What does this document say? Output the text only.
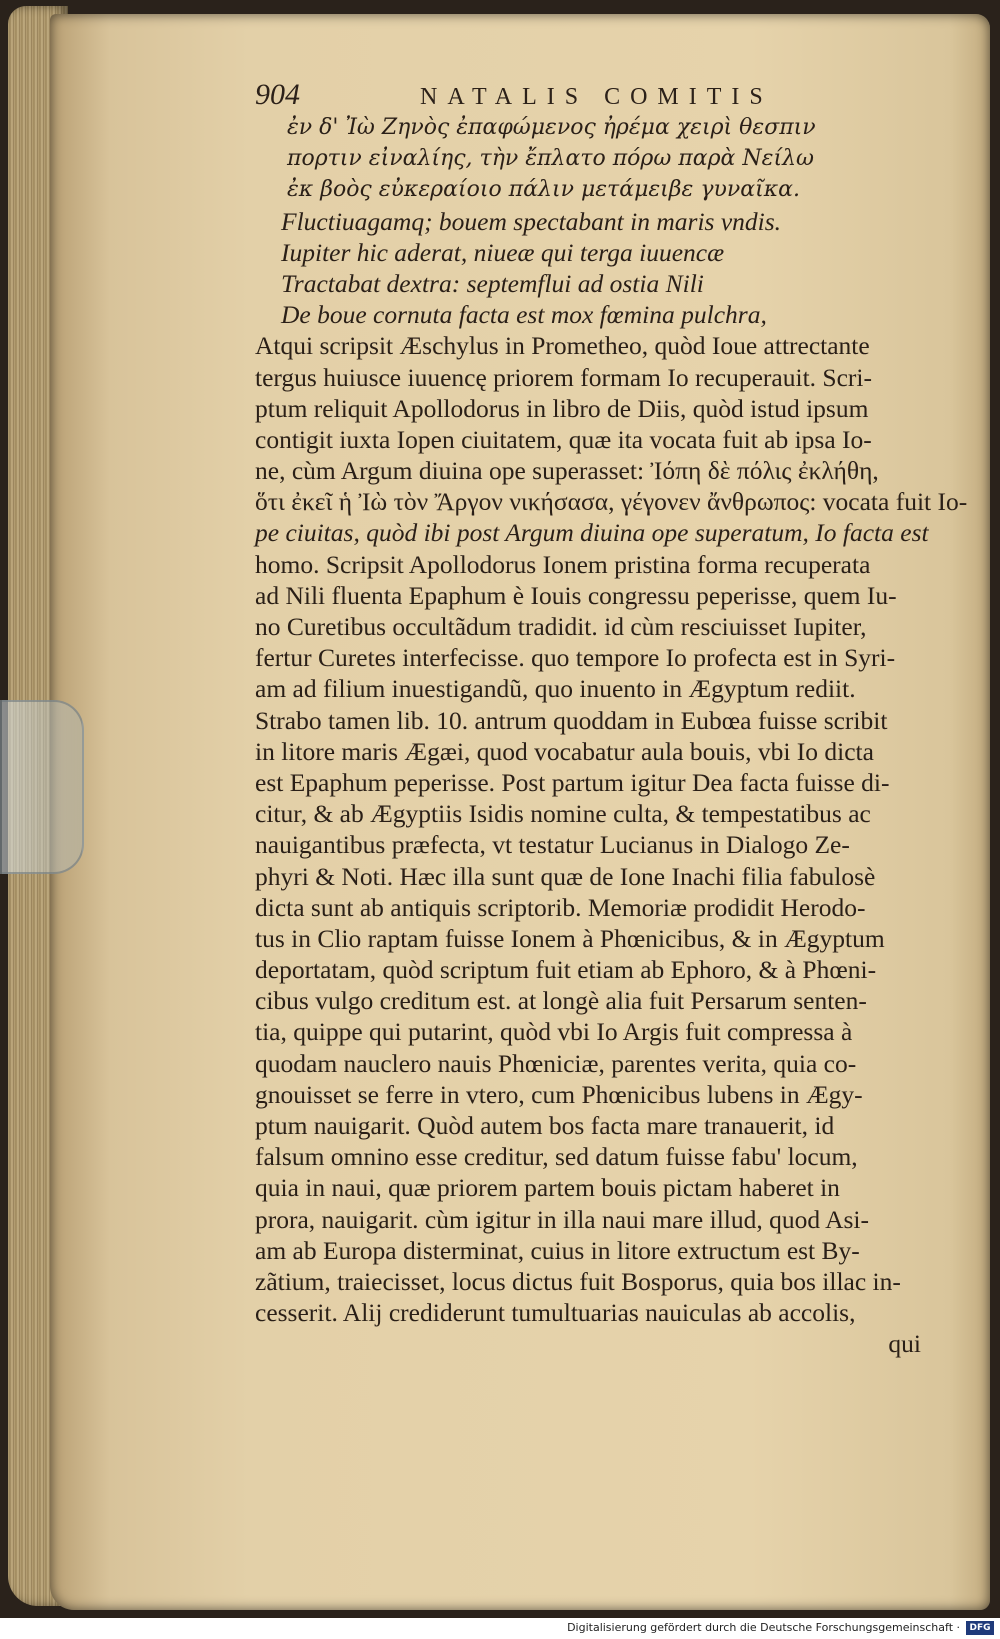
904	NATALIS COMITIS
ἐν δ' Ἰὼ Ζηνὸς ἐπαφώμενος ἠρέμα χειρὶ θεσπιν
πορτιν εἰναλίης, τὴν ἔπλατο πόρω παρὰ Νείλω
ἐκ βοὸς εὐκεραίοιο πάλιν μετάμειβε γυναῖκα.
Fluctiuagamq; bouem spectabant in maris vndis.
Iupiter hic aderat, niueæ qui terga iuuencæ
Tractabat dextra: septemflui ad ostia Nili
De boue cornuta facta est mox fœmina pulchra,
Atqui scripsit Æschylus in Prometheo, quòd Ioue attrectante
tergus huiusce iuuencę priorem formam Io recuperauit. Scri-
ptum reliquit Apollodorus in libro de Diis, quòd istud ipsum
contigit iuxta Iopen ciuitatem, quæ ita vocata fuit ab ipsa Io-
ne, cùm Argum diuina ope superasset: Ἰόπη δὲ πόλις ἐκλήθη,
ὅτι ἐκεῖ ἡ Ἰὼ τὸν Ἄργον νικήσασα, γέγονεν ἄνθρωπος: vocata fuit Io-
pe ciuitas, quòd ibi post Argum diuina ope superatum, Io facta est
homo. Scripsit Apollodorus Ionem pristina forma recuperata
ad Nili fluenta Epaphum è Iouis congressu peperisse, quem Iu-
no Curetibus occultãdum tradidit. id cùm resciuisset Iupiter,
fertur Curetes interfecisse. quo tempore Io profecta est in Syri-
am ad filium inuestigandũ, quo inuento in Ægyptum rediit.
Strabo tamen lib. 10. antrum quoddam in Eubœa fuisse scribit
in litore maris Ægæi, quod vocabatur aula bouis, vbi Io dicta
est Epaphum peperisse. Post partum igitur Dea facta fuisse di-
citur, & ab Ægyptiis Isidis nomine culta, & tempestatibus ac
nauigantibus præfecta, vt testatur Lucianus in Dialogo Ze-
phyri & Noti. Hæc illa sunt quæ de Ione Inachi filia fabulosè
dicta sunt ab antiquis scriptorib. Memoriæ prodidit Herodo-
tus in Clio raptam fuisse Ionem à Phœnicibus, & in Ægyptum
deportatam, quòd scriptum fuit etiam ab Ephoro, & à Phœni-
cibus vulgo creditum est. at longè alia fuit Persarum senten-
tia, quippe qui putarint, quòd vbi Io Argis fuit compressa à
quodam nauclero nauis Phœniciæ, parentes verita, quia co-
gnouisset se ferre in vtero, cum Phœnicibus lubens in Ægy-
ptum nauigarit. Quòd autem bos facta mare tranauerit, id
falsum omnino esse creditur, sed datum fuisse fabu' locum,
quia in naui, quæ priorem partem bouis pictam haberet in
prora, nauigarit. cùm igitur in illa naui mare illud, quod Asi-
am ab Europa disterminat, cuius in litore extructum est By-
zãtium, traiecisset, locus dictus fuit Bosporus, quia bos illac in-
cesserit. Alij crediderunt tumultuarias nauiculas ab accolis,
qui
Digitalisierung gefördert durch die Deutsche Forschungsgemeinschaft ·	DFG
